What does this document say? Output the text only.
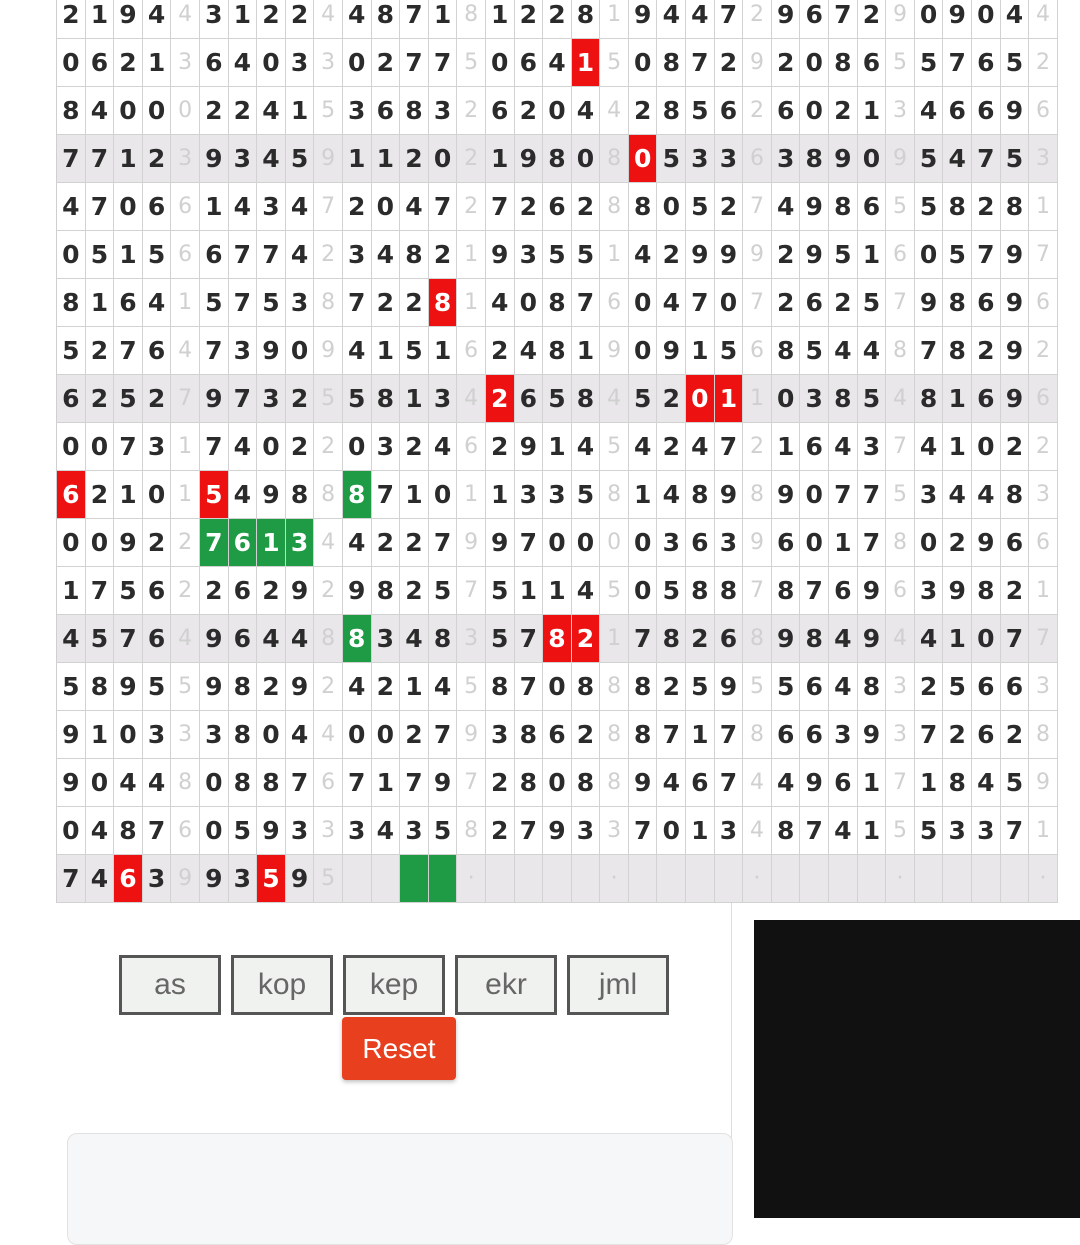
2 1 9 4 4 3 1 2 2 4 4 8 7 1 8 1 2 2 8 1 9 4 4 7 2 9 6 7 2 9 0 9 0 4 4
0 6 2 1 3 6 4 0 3 3 0 2 7 7 5 0 6 4 1 5 0 8 7 2 9 2 0 8 6 5 5 7 6 5 2
8 4 0 0 0 2 2 4 1 5 3 6 8 3 2 6 2 0 4 4 2 8 5 6 2 6 0 2 1 3 4 6 6 9 6
7 7 1 2 3 9 3 4 5 9 1 1 2 0 2 1 9 8 0 8 0 5 3 3 6 3 8 9 0 9 5 4 7 5 3
4 7 0 6 6 1 4 3 4 7 2 0 4 7 2 7 2 6 2 8 8 0 5 2 7 4 9 8 6 5 5 8 2 8 1
0 5 1 5 6 6 7 7 4 2 3 4 8 2 1 9 3 5 5 1 4 2 9 9 9 2 9 5 1 6 0 5 7 9 7
8 1 6 4 1 5 7 5 3 8 7 2 2 8 1 4 0 8 7 6 0 4 7 0 7 2 6 2 5 7 9 8 6 9 6
5 2 7 6 4 7 3 9 0 9 4 1 5 1 6 2 4 8 1 9 0 9 1 5 6 8 5 4 4 8 7 8 2 9 2
6 2 5 2 7 9 7 3 2 5 5 8 1 3 4 2 6 5 8 4 5 2 0 1 1 0 3 8 5 4 8 1 6 9 6
0 0 7 3 1 7 4 0 2 2 0 3 2 4 6 2 9 1 4 5 4 2 4 7 2 1 6 4 3 7 4 1 0 2 2
6 2 1 0 1 5 4 9 8 8 8 7 1 0 1 1 3 3 5 8 1 4 8 9 8 9 0 7 7 5 3 4 4 8 3
0 0 9 2 2 7 6 1 3 4 4 2 2 7 9 9 7 0 0 0 0 3 6 3 9 6 0 1 7 8 0 2 9 6 6
1 7 5 6 2 2 6 2 9 2 9 8 2 5 7 5 1 1 4 5 0 5 8 8 7 8 7 6 9 6 3 9 8 2 1
4 5 7 6 4 9 6 4 4 8 8 3 4 8 3 5 7 8 2 1 7 8 2 6 8 9 8 4 9 4 4 1 0 7 7
5 8 9 5 5 9 8 2 9 2 4 2 1 4 5 8 7 0 8 8 8 2 5 9 5 5 6 4 8 3 2 5 6 6 3
9 1 0 3 3 3 8 0 4 4 0 0 2 7 9 3 8 6 2 8 8 7 1 7 8 6 6 3 9 3 7 2 6 2 8
9 0 4 4 8 0 8 8 7 6 7 1 7 9 7 2 8 0 8 8 9 4 6 7 4 4 9 6 1 7 1 8 4 5 9
0 4 8 7 6 0 5 9 3 3 3 4 3 5 8 2 7 9 3 3 7 0 1 3 4 8 7 4 1 5 5 3 3 7 1
7 4 6 3 9 9 3 5 9 5	·	·	·	·	·
as	kop	kep	ekr	jml
Reset
